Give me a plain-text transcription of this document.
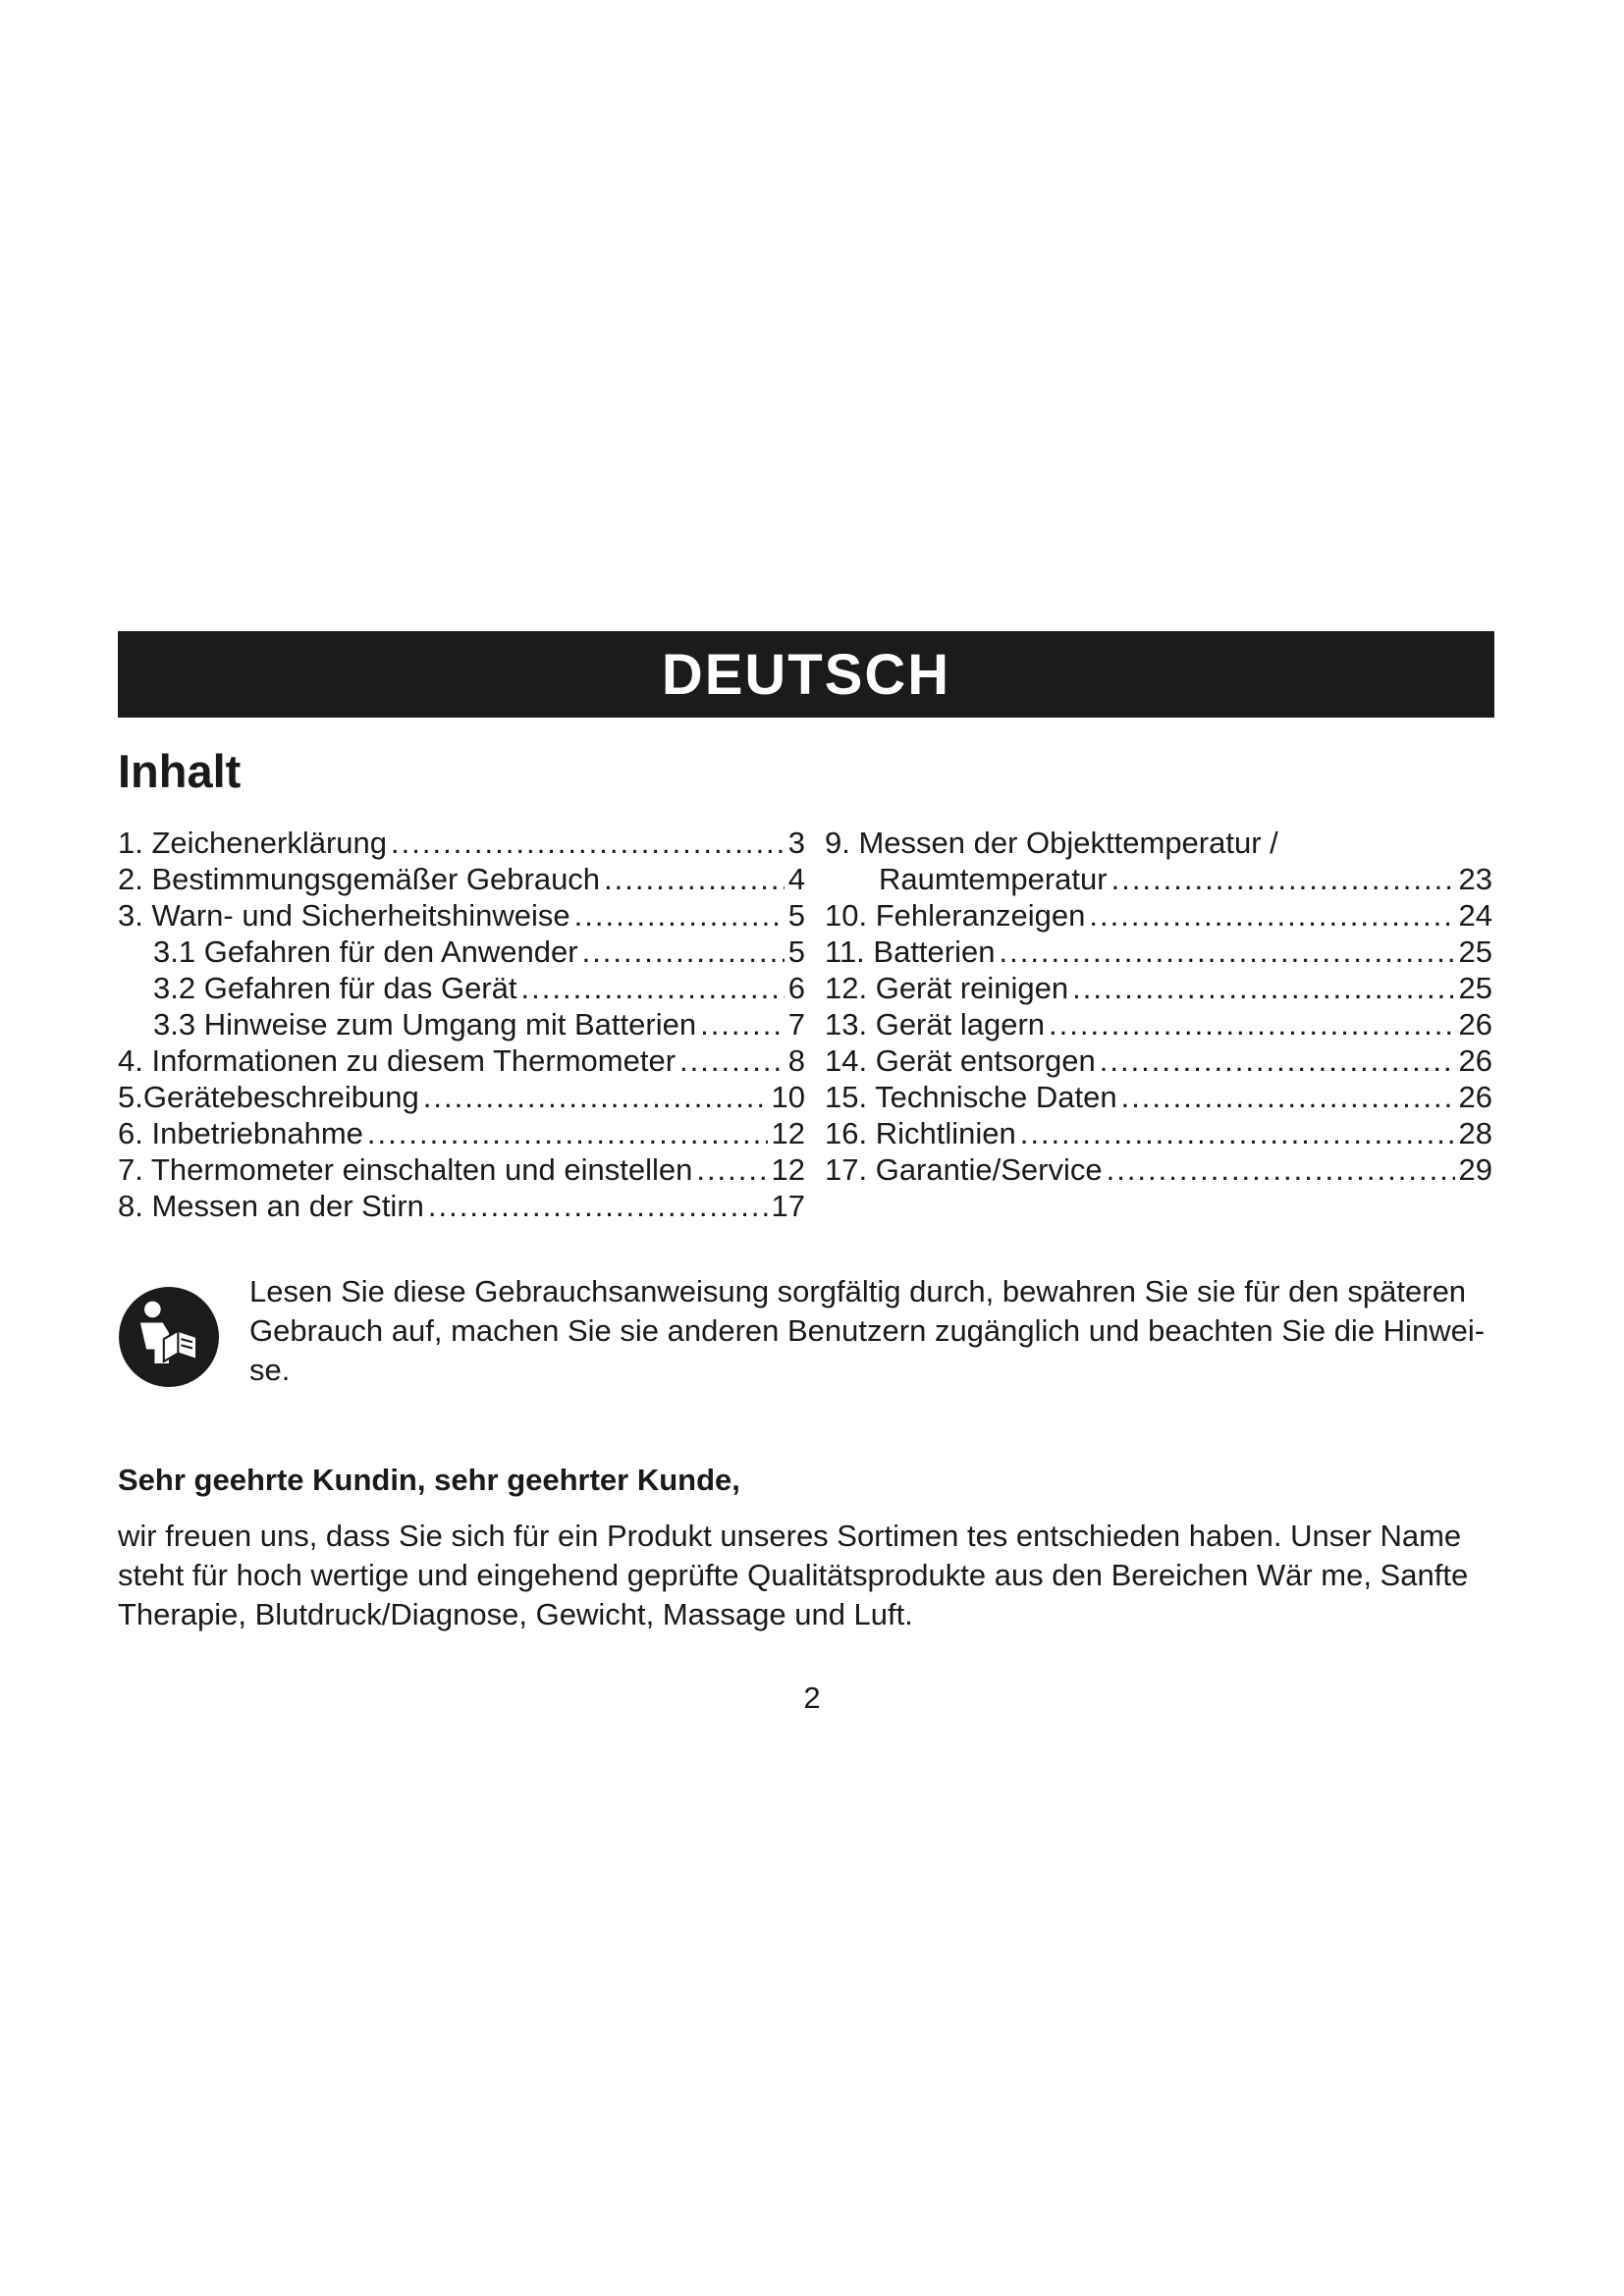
DEUTSCH
Inhalt
1. Zeichenerklärung .....	3
2. Bestimmungsgemäßer Gebrauch .....	4
3. Warn- und Sicherheitshinweise .....	5
3.1 Gefahren für den Anwender .....	5
3.2 Gefahren für das Gerät .....	6
3.3 Hinweise zum Umgang mit Batterien .....	7
4. Informationen zu diesem Thermometer .....	8
5.Gerätebeschreibung .....	10
6. Inbetriebnahme .....	12
7. Thermometer einschalten und einstellen .....	12
8. Messen an der Stirn .....	17
9. Messen der Objekttemperatur /
Raumtemperatur .....	23
10. Fehleranzeigen .....	24
11. Batterien .....	25
12. Gerät reinigen .....	25
13. Gerät lagern .....	26
14. Gerät entsorgen .....	26
15. Technische Daten .....	26
16. Richtlinien .....	28
17. Garantie/Service .....	29
Lesen Sie diese Gebrauchsanweisung sorgfältig durch, bewahren Sie sie für den späteren Gebrauch auf, machen Sie sie anderen Benutzern zugänglich und beachten Sie die Hinwei-se.
Sehr geehrte Kundin, sehr geehrter Kunde,

wir freuen uns, dass Sie sich für ein Produkt unseres Sortimen tes entschieden haben. Unser Name steht für hoch wertige und eingehend geprüfte Qualitätsprodukte aus den Bereichen Wär me, Sanfte Therapie, Blutdruck/Diagnose, Gewicht, Massage und Luft.

2
